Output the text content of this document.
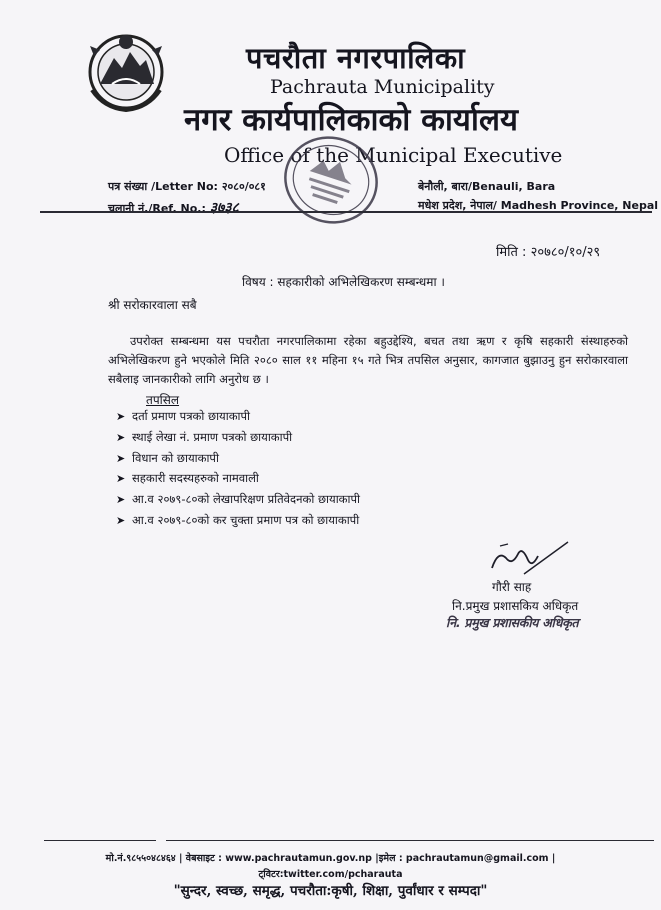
पचरौता नगरपालिका
Pachrauta Municipality
नगर कार्यपालिकाको कार्यालय
Office of the Municipal Executive
पत्र संख्या /Letter No: २०८०/०८१
चलानी नं./Ref. No.: ३७३८
बेनौली, बारा/Benauli, Bara
मधेश प्रदेश, नेपाल/ Madhesh Province, Nepal
मिति : २०७८०/१०/२९
विषय : सहकारीको अभिलेखिकरण सम्बन्धमा ।
श्री सरोकारवाला सबै
उपरोक्त सम्बन्धमा यस पचरौता नगरपालिकामा रहेका बहुउद्देश्यि, बचत तथा ऋण र कृषि सहकारी संस्थाहरुको अभिलेखिकरण हुने भएकोले मिति २०८० साल ११ महिना १५ गते भित्र तपसिल अनुसार, कागजात बुझाउनु हुन सरोकारवाला सबैलाइ जानकारीको लागि अनुरोध छ ।
तपसिल
➤ दर्ता प्रमाण पत्रको छायाकापी
➤ स्थाई लेखा नं. प्रमाण पत्रको छायाकापी
➤ विधान को छायाकापी
➤ सहकारी सदस्यहरुको नामवाली
➤ आ.व २०७९-८०को लेखापरिक्षण प्रतिवेदनको छायाकापी
➤ आ.व २०७९-८०को कर चुक्ता प्रमाण पत्र को छायाकापी
गौरी साह
नि.प्रमुख प्रशासकिय अधिकृत
नि. प्रमुख प्रशासकीय अधिकृत
मो.नं.९८५५०४८४६४ | वेबसाइट : www.pachrautamun.gov.np |इमेल : pachrautamun@gmail.com |
ट्विटर:twitter.com/pcharauta
"सुन्दर, स्वच्छ, समृद्ध, पचरौता:कृषी, शिक्षा, पुर्वांधार र सम्पदा"
